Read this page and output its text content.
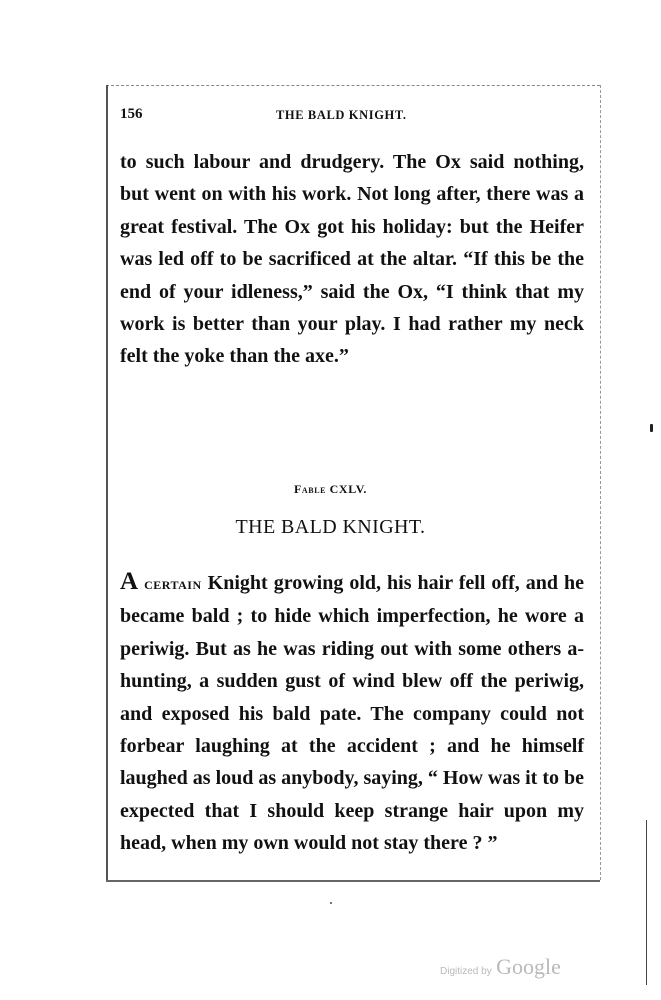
156	THE BALD KNIGHT.
to such labour and drudgery. The Ox said nothing, but went on with his work. Not long after, there was a great festival. The Ox got his holiday: but the Heifer was led off to be sacrificed at the altar. “If this be the end of your idleness,” said the Ox, “I think that my work is better than your play. I had rather my neck felt the yoke than the axe.”
Fable CXLV.
THE BALD KNIGHT.
A certain Knight growing old, his hair fell off, and he became bald ; to hide which imperfection, he wore a periwig. But as he was riding out with some others a-hunting, a sudden gust of wind blew off the periwig, and exposed his bald pate. The company could not forbear laughing at the accident ; and he himself laughed as loud as anybody, saying, “ How was it to be expected that I should keep strange hair upon my head, when my own would not stay there ? ”
Digitized by Google
